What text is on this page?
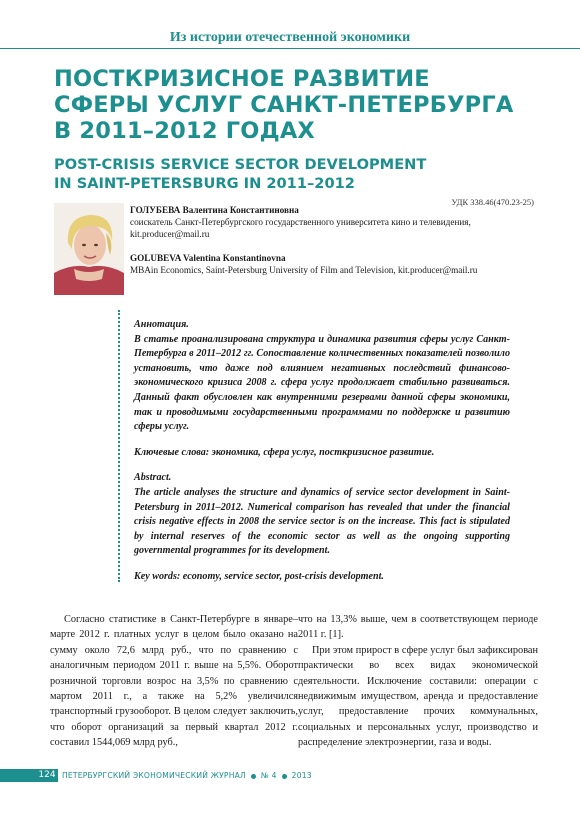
Из истории отечественной экономики
ПОСТКРИЗИСНОЕ РАЗВИТИЕ
СФЕРЫ УСЛУГ САНКТ-ПЕТЕРБУРГА
В 2011–2012 ГОДАХ
POST-CRISIS SERVICE SECTOR DEVELOPMENT
IN SAINT-PETERSBURG IN 2011–2012
УДК 338.46(470.23-25)
ГОЛУБЕВА Валентина Константиновна
соискатель Санкт-Петербургского государственного университета кино и телевидения,
kit.producer@mail.ru
GOLUBEVA Valentina Konstantinovna
MBAin Economics, Saint-Petersburg University of Film and Television, kit.producer@mail.ru
Аннотация.
В статье проанализирована структура и динамика развития сферы услуг Санкт-Петербурга в 2011–2012 гг. Сопоставление количественных показателей позволило установить, что даже под влиянием негативных последствий финансово-экономического кризиса 2008 г. сфера услуг продолжает стабильно развиваться. Данный факт обусловлен как внутренними резервами данной сферы экономики, так и проводимыми государственными программами по поддержке и развитию сферы услуг.
Ключевые слова: экономика, сфера услуг, посткризисное развитие.
Abstract.
The article analyses the structure and dynamics of service sector development in Saint-Petersburg in 2011–2012. Numerical comparison has revealed that under the financial crisis negative effects in 2008 the service sector is on the increase. This fact is stipulated by internal reserves of the economic sector as well as the ongoing supporting governmental programmes for its development.
Key words: economy, service sector, post-crisis development.

Согласно статистике в Санкт-Петербурге в январе–марте 2012 г. платных услуг в целом было оказано на сумму около 72,6 млрд руб., что по сравнению с аналогичным периодом 2011 г. выше на 5,5%. Оборот розничной торговли возрос на 3,5% по сравнению с мартом 2011 г., а также на 5,2% увеличился транспортный грузооборот. В целом следует заключить, что оборот организаций за первый квартал 2012 г. составил 1544,069 млрд руб.,

что на 13,3% выше, чем в соответствующем периоде 2011 г. [1].

При этом прирост в сфере услуг был зафиксирован практически во всех видах экономической деятельности. Исключение составили: операции с недвижимым имуществом, аренда и предоставление услуг, предоставление прочих коммунальных, социальных и персональных услуг, производство и распределение электроэнергии, газа и воды.

124 ПЕТЕРБУРГСКИЙ ЭКОНОМИЧЕСКИЙ ЖУРНАЛ № 4 2013
